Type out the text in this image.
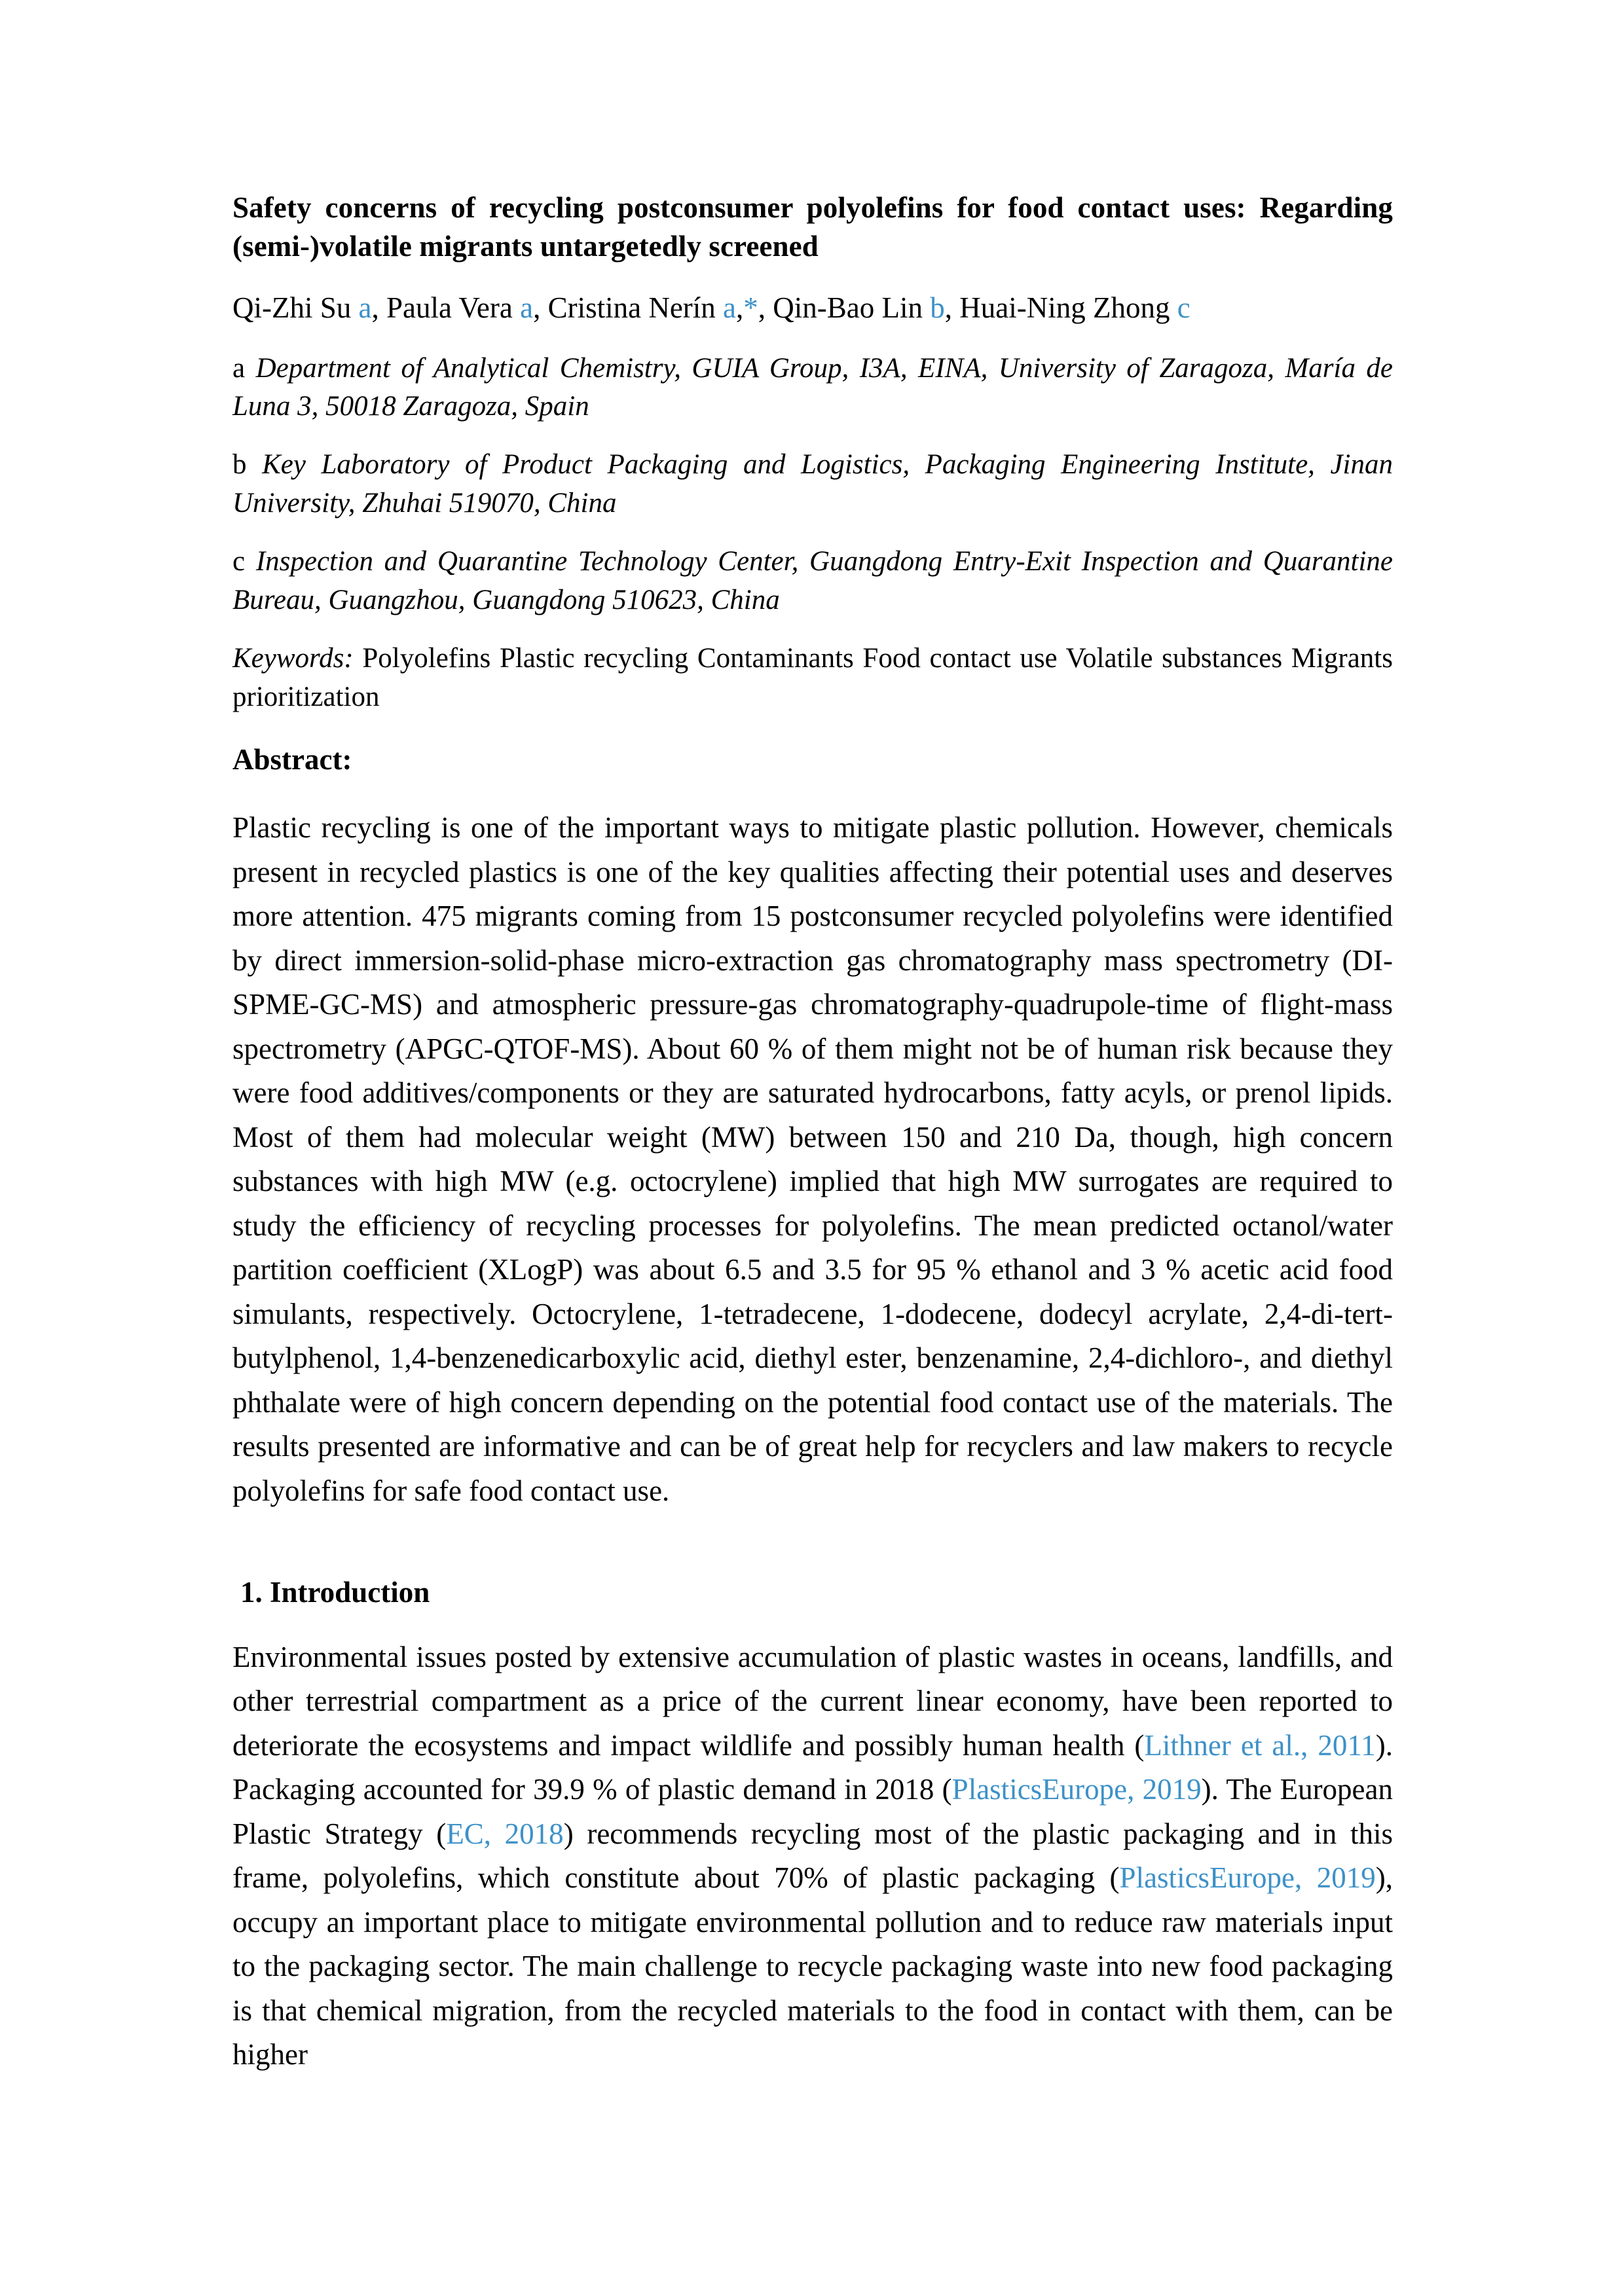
Safety concerns of recycling postconsumer polyolefins for food contact uses: Regarding (semi-)volatile migrants untargetedly screened

Qi-Zhi Su a, Paula Vera a, Cristina Nerín a,*, Qin-Bao Lin b, Huai-Ning Zhong c

a Department of Analytical Chemistry, GUIA Group, I3A, EINA, University of Zaragoza, María de Luna 3, 50018 Zaragoza, Spain

b Key Laboratory of Product Packaging and Logistics, Packaging Engineering Institute, Jinan University, Zhuhai 519070, China

c Inspection and Quarantine Technology Center, Guangdong Entry-Exit Inspection and Quarantine Bureau, Guangzhou, Guangdong 510623, China

Keywords: Polyolefins Plastic recycling Contaminants Food contact use Volatile substances Migrants prioritization

Abstract:

Plastic recycling is one of the important ways to mitigate plastic pollution. However, chemicals present in recycled plastics is one of the key qualities affecting their potential uses and deserves more attention. 475 migrants coming from 15 postconsumer recycled polyolefins were identified by direct immersion-solid-phase micro-extraction gas chromatography mass spectrometry (DI-SPME-GC-MS) and atmospheric pressure-gas chromatography-quadrupole-time of flight-mass spectrometry (APGC-QTOF-MS). About 60 % of them might not be of human risk because they were food additives/components or they are saturated hydrocarbons, fatty acyls, or prenol lipids. Most of them had molecular weight (MW) between 150 and 210 Da, though, high concern substances with high MW (e.g. octocrylene) implied that high MW surrogates are required to study the efficiency of recycling processes for polyolefins. The mean predicted octanol/water partition coefficient (XLogP) was about 6.5 and 3.5 for 95 % ethanol and 3 % acetic acid food simulants, respectively. Octocrylene, 1-tetradecene, 1-dodecene, dodecyl acrylate, 2,4-di-tert-butylphenol, 1,4-benzenedicarboxylic acid, diethyl ester, benzenamine, 2,4-dichloro-, and diethyl phthalate were of high concern depending on the potential food contact use of the materials. The results presented are informative and can be of great help for recyclers and law makers to recycle polyolefins for safe food contact use.

1. Introduction

Environmental issues posted by extensive accumulation of plastic wastes in oceans, landfills, and other terrestrial compartment as a price of the current linear economy, have been reported to deteriorate the ecosystems and impact wildlife and possibly human health (Lithner et al., 2011). Packaging accounted for 39.9 % of plastic demand in 2018 (PlasticsEurope, 2019). The European Plastic Strategy (EC, 2018) recommends recycling most of the plastic packaging and in this frame, polyolefins, which constitute about 70% of plastic packaging (PlasticsEurope, 2019), occupy an important place to mitigate environmental pollution and to reduce raw materials input to the packaging sector. The main challenge to recycle packaging waste into new food packaging is that chemical migration, from the recycled materials to the food in contact with them, can be higher
